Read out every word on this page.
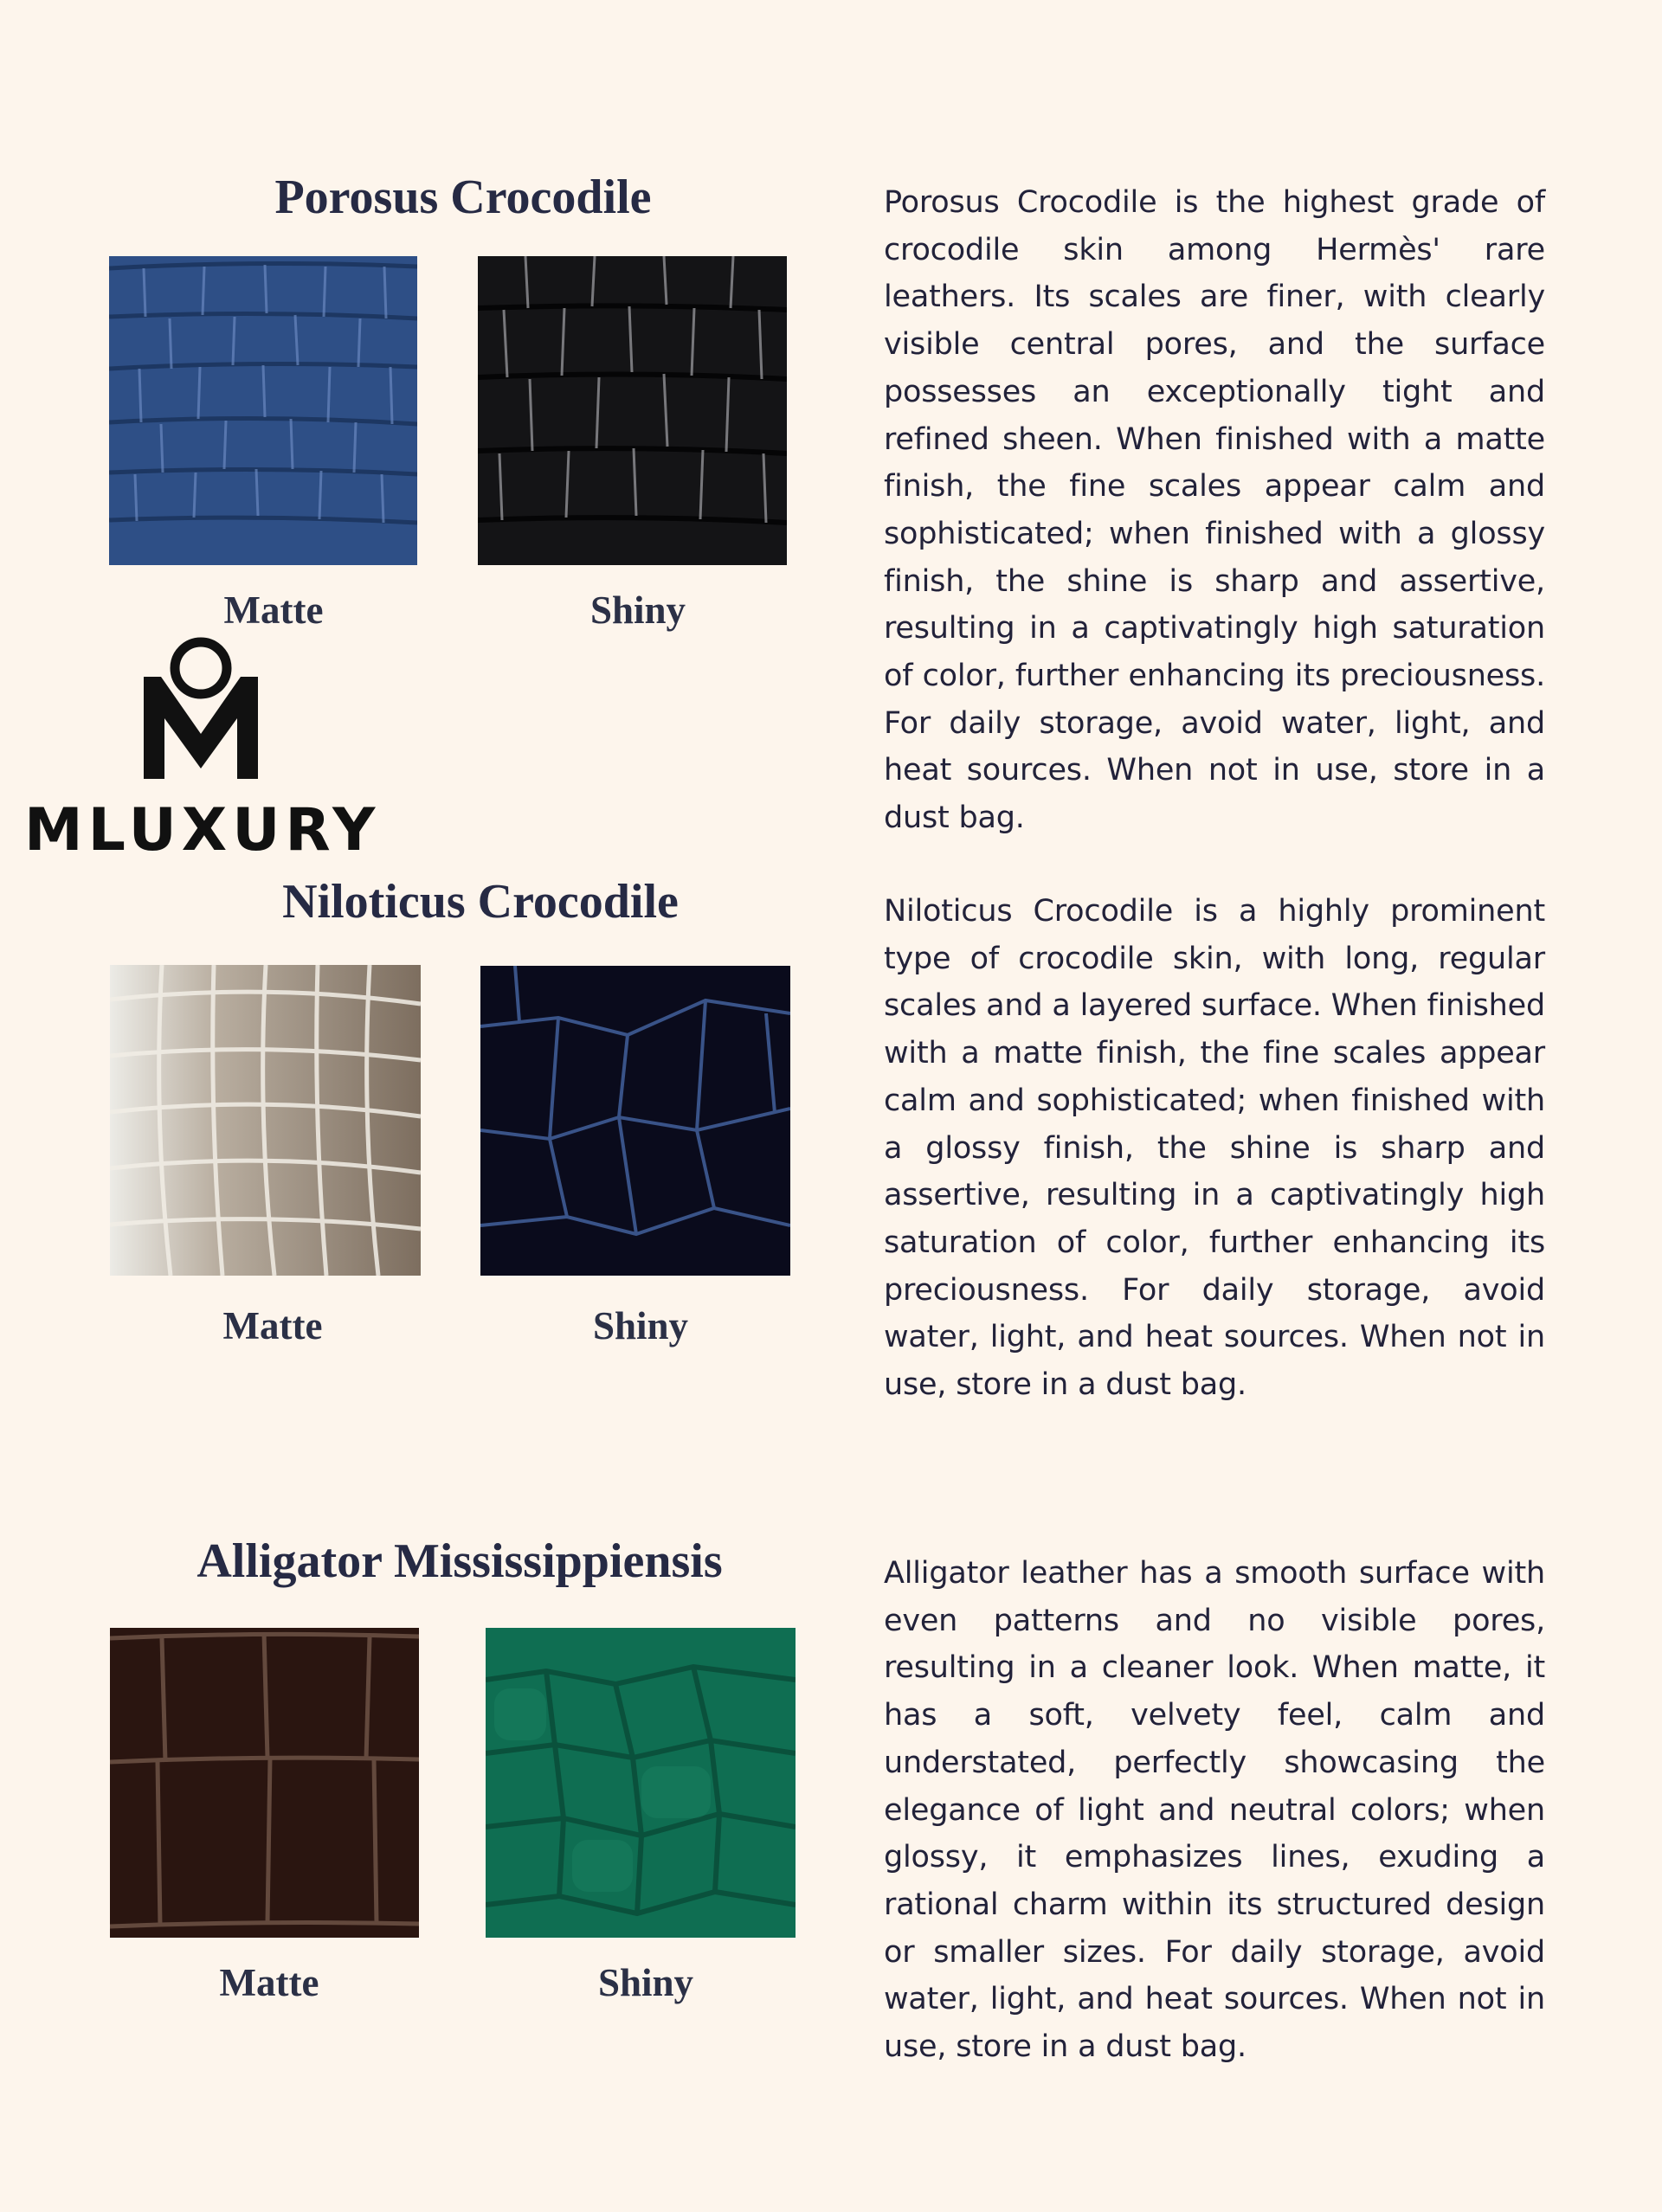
Porosus Crocodile
Matte	Shiny

Porosus Crocodile is the highest grade of crocodile skin among Hermès' rare leathers. Its scales are finer, with clearly visible central pores, and the surface possesses an exceptionally tight and refined sheen. When finished with a matte finish, the fine scales appear calm and sophisticated; when finished with a glossy finish, the shine is sharp and assertive, resulting in a captivatingly high saturation of color, further enhancing its preciousness. For daily storage, avoid water, light, and heat sources. When not in use, store in a dust bag.

MLUXURY
Niloticus Crocodile
Matte	Shiny

Niloticus Crocodile is a highly prominent type of crocodile skin, with long, regular scales and a layered surface. When finished with a matte finish, the fine scales appear calm and sophisticated; when finished with a glossy finish, the shine is sharp and assertive, resulting in a captivatingly high saturation of color, further enhancing its preciousness. For daily storage, avoid water, light, and heat sources. When not in use, store in a dust bag.

Alligator Mississippiensis
Matte	Shiny

Alligator leather has a smooth surface with even patterns and no visible pores, resulting in a cleaner look. When matte, it has a soft, velvety feel, calm and understated, perfectly showcasing the elegance of light and neutral colors; when glossy, it emphasizes lines, exuding a rational charm within its structured design or smaller sizes. For daily storage, avoid water, light, and heat sources. When not in use, store in a dust bag.
